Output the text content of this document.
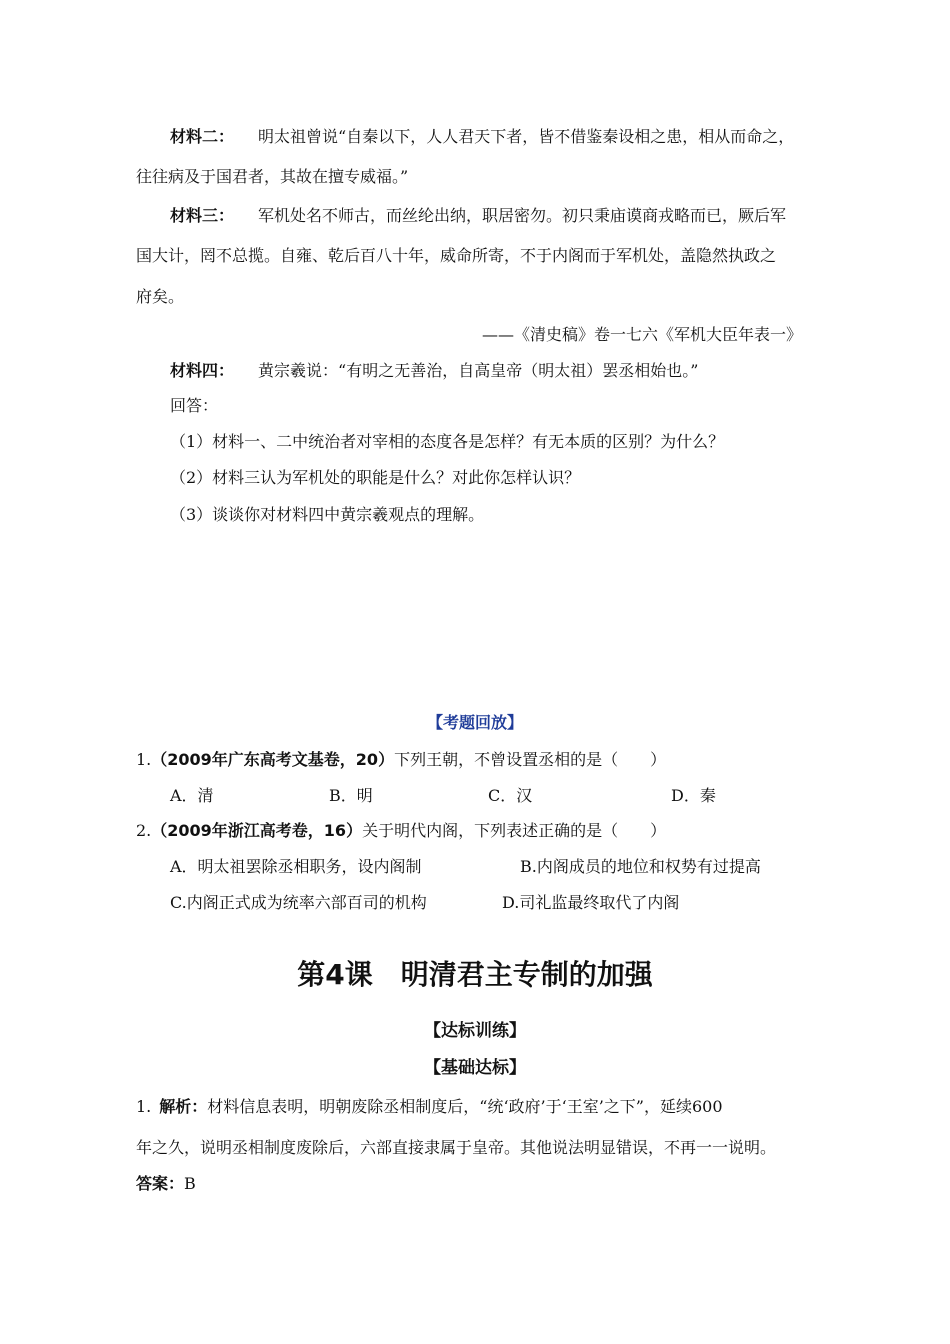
材料二： 明太祖曾说“自秦以下，人人君天下者，皆不借鉴秦设相之患，相从而命之，
往往病及于国君者，其故在擅专威福。”
材料三： 军机处名不师古，而丝纶出纳，职居密勿。初只秉庙谟商戎略而已，厥后军
国大计，罔不总揽。自雍、乾后百八十年，威命所寄，不于内阁而于军机处，盖隐然执政之
府矣。
——《清史稿》卷一七六《军机大臣年表一》
材料四： 黄宗羲说：“有明之无善治，自高皇帝（明太祖）罢丞相始也。”
回答：
（1）材料一、二中统治者对宰相的态度各是怎样？有无本质的区别？为什么？
（2）材料三认为军机处的职能是什么？对此你怎样认识？
（3）谈谈你对材料四中黄宗羲观点的理解。
【考题回放】
1.（2009年广东高考文基卷，20）下列王朝，不曾设置丞相的是（　　）
A．清	B．明	C．汉	D．秦
2.（2009年浙江高考卷，16）关于明代内阁，下列表述正确的是（　　）
A．明太祖罢除丞相职务，设内阁制	B.内阁成员的地位和权势有过提高
C.内阁正式成为统率六部百司的机构	D.司礼监最终取代了内阁
第4课　明清君主专制的加强
【达标训练】
【基础达标】
1. 解析：材料信息表明，明朝废除丞相制度后，“统‘政府’于‘王室’之下”，延续600
年之久，说明丞相制度废除后，六部直接隶属于皇帝。其他说法明显错误，不再一一说明。
答案：B
